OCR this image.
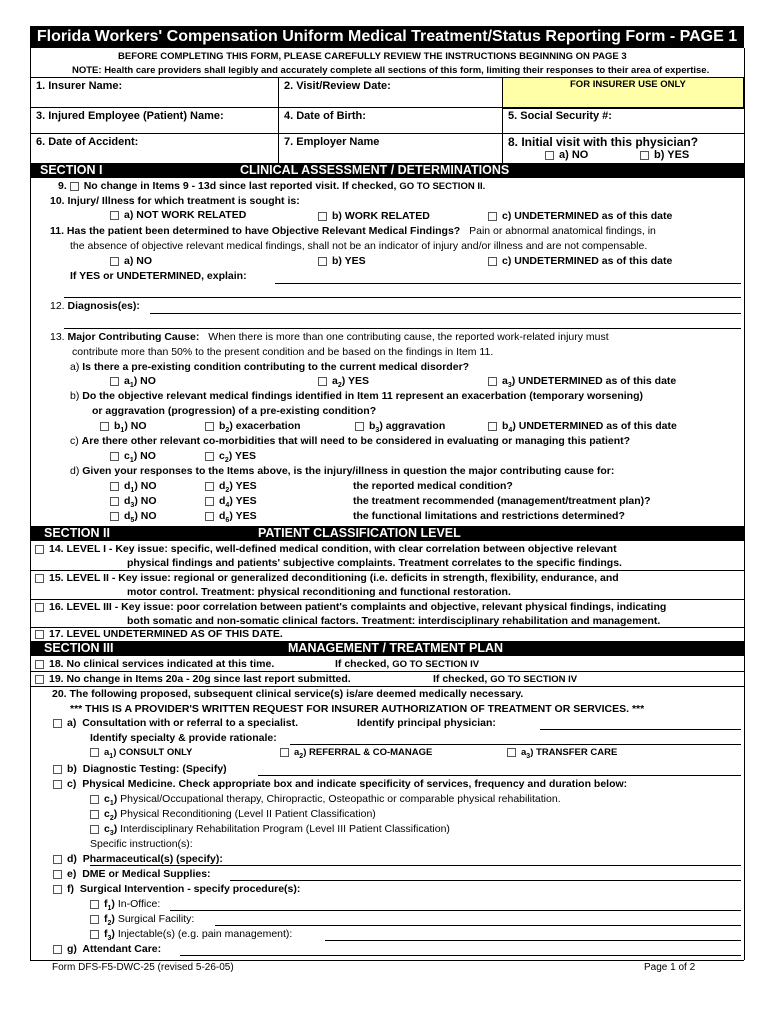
Florida Workers' Compensation Uniform Medical Treatment/Status Reporting Form - PAGE 1
BEFORE COMPLETING THIS FORM, PLEASE CAREFULLY REVIEW THE INSTRUCTIONS BEGINNING ON PAGE 3
NOTE: Health care providers shall legibly and accurately complete all sections of this form, limiting their responses to their area of expertise.
FOR INSURER USE ONLY
1. Insurer Name:	2. Visit/Review Date:
3. Injured Employee (Patient) Name:	4. Date of Birth:	5. Social Security #:
6. Date of Accident:	7. Employer Name	8. Initial visit with this physician?
a) NO	b) YES
SECTION I	CLINICAL ASSESSMENT / DETERMINATIONS
9. No change in Items 9 - 13d since last reported visit. If checked, GO TO SECTION II.
10. Injury/ Illness for which treatment is sought is:
a) NOT WORK RELATED	b) WORK RELATED	c) UNDETERMINED as of this date
11. Has the patient been determined to have Objective Relevant Medical Findings? Pain or abnormal anatomical findings, in
the absence of objective relevant medical findings, shall not be an indicator of injury and/or illness and are not compensable.
a) NO	b) YES	c) UNDETERMINED as of this date
If YES or UNDETERMINED, explain:
12. Diagnosis(es):
13. Major Contributing Cause: When there is more than one contributing cause, the reported work-related injury must
contribute more than 50% to the present condition and be based on the findings in Item 11.
a) Is there a pre-existing condition contributing to the current medical disorder?
$a_1$) NO	$a_2$) YES	$a_3$) UNDETERMINED as of this date
b) Do the objective relevant medical findings identified in Item 11 represent an exacerbation (temporary worsening)
or aggravation (progression) of a pre-existing condition?
$b_1$) NO	$b_2$) exacerbation	$b_3$) aggravation	$b_4$) UNDETERMINED as of this date
c) Are there other relevant co-morbidities that will need to be considered in evaluating or managing this patient?
$c_1$) NO	$c_2$) YES
d) Given your responses to the Items above, is the injury/illness in question the major contributing cause for:
$d_1$) NO	$d_2$) YES	the reported medical condition?
$d_3$) NO	$d_4$) YES	the treatment recommended (management/treatment plan)?
$d_5$) NO	$d_6$) YES	the functional limitations and restrictions determined?
SECTION II	PATIENT CLASSIFICATION LEVEL
14. LEVEL I - Key issue: specific, well-defined medical condition, with clear correlation between objective relevant
physical findings and patients' subjective complaints. Treatment correlates to the specific findings.
15. LEVEL II - Key issue: regional or generalized deconditioning (i.e. deficits in strength, flexibility, endurance, and
motor control. Treatment: physical reconditioning and functional restoration.
16. LEVEL III - Key issue: poor correlation between patient's complaints and objective, relevant physical findings, indicating
both somatic and non-somatic clinical factors. Treatment: interdisciplinary rehabilitation and management.
17. LEVEL UNDETERMINED AS OF THIS DATE.
SECTION III	MANAGEMENT / TREATMENT PLAN
18. No clinical services indicated at this time.	If checked, GO TO SECTION IV
19. No change in Items 20a - 20g since last report submitted.	If checked, GO TO SECTION IV
20. The following proposed, subsequent clinical service(s) is/are deemed medically necessary.
*** THIS IS A PROVIDER'S WRITTEN REQUEST FOR INSURER AUTHORIZATION OF TREATMENT OR SERVICES. ***
a) Consultation with or referral to a specialist.	Identify principal physician:
Identify specialty & provide rationale:
$a_1$) CONSULT ONLY	$a_2$) REFERRAL & CO-MANAGE	$a_3$) TRANSFER CARE
b) Diagnostic Testing: (Specify)
c) Physical Medicine. Check appropriate box and indicate specificity of services, frequency and duration below:
$c_1$) Physical/Occupational therapy, Chiropractic, Osteopathic or comparable physical rehabilitation.
$c_2$) Physical Reconditioning (Level II Patient Classification)
$c_3$) Interdisciplinary Rehabilitation Program (Level III Patient Classification)
Specific instruction(s):
d) Pharmaceutical(s) (specify):
e) DME or Medical Supplies:
f) Surgical Intervention - specify procedure(s):
$f_1$) In-Office:
$f_2$) Surgical Facility:
$f_3$) Injectable(s) (e.g. pain management):
g) Attendant Care:
Form DFS-F5-DWC-25 (revised 5-26-05)	Page 1 of 2
